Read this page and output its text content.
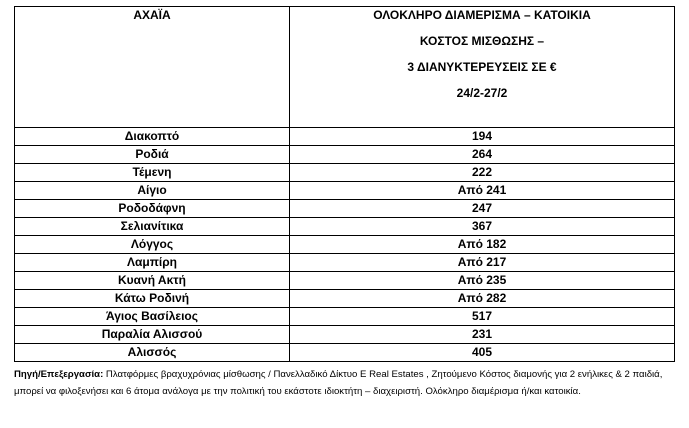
ΑΧΑΪΑ	ΟΛΟΚΛΗΡΟ ΔΙΑΜΕΡΙΣΜΑ – ΚΑΤΟΙΚΙΑ
ΚΟΣΤΟΣ ΜΙΣΘΩΣΗΣ –
3 ΔΙΑΝΥΚΤΕΡΕΥΣΕΙΣ ΣΕ €
24/2-27/2

Διακοπτό	194
Ροδιά	264
Τέμενη	222
Αίγιο	Από 241
Ροδοδάφνη	247
Σελιανίτικα	367
Λόγγος	Από 182
Λαμπίρη	Από 217
Κυανή Ακτή	Από 235
Κάτω Ροδινή	Από 282
Άγιος Βασίλειος	517
Παραλία Αλισσού	231
Αλισσός	405
Πηγή/Επεξεργασία: Πλατφόρμες βραχυχρόνιας μίσθωσης / Πανελλαδικό Δίκτυο E Real Estates , Ζητούμενο Κόστος διαμονής για 2 ενήλικες & 2 παιδιά, μπορεί να φιλοξενήσει και 6 άτομα ανάλογα με την πολιτική του εκάστοτε ιδιοκτήτη – διαχειριστή. Ολόκληρο διαμέρισμα ή/και κατοικία.
